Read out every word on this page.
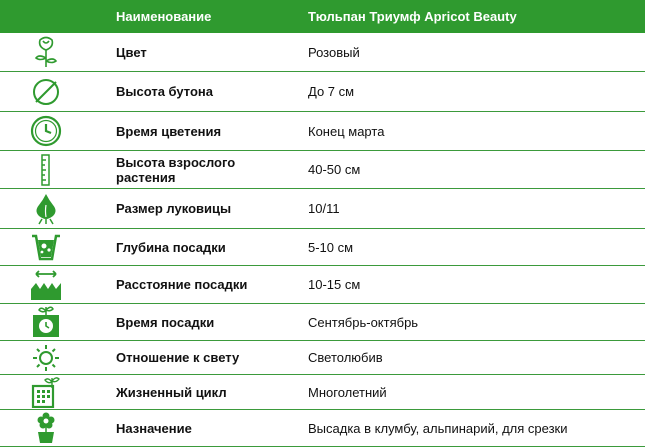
Наименование	Тюльпан Триумф Apricot Beauty
Цвет	Розовый
Высота бутона	До 7 см
Время цветения	Конец марта
Высота взрослого растения	40-50 см
Размер луковицы	10/11
Глубина посадки	5-10 см
Расстояние посадки	10-15 см
Время посадки	Сентябрь-октябрь
Отношение к свету	Светолюбив
Жизненный цикл	Многолетний
Назначение	Высадка в клумбу, альпинарий, для срезки
